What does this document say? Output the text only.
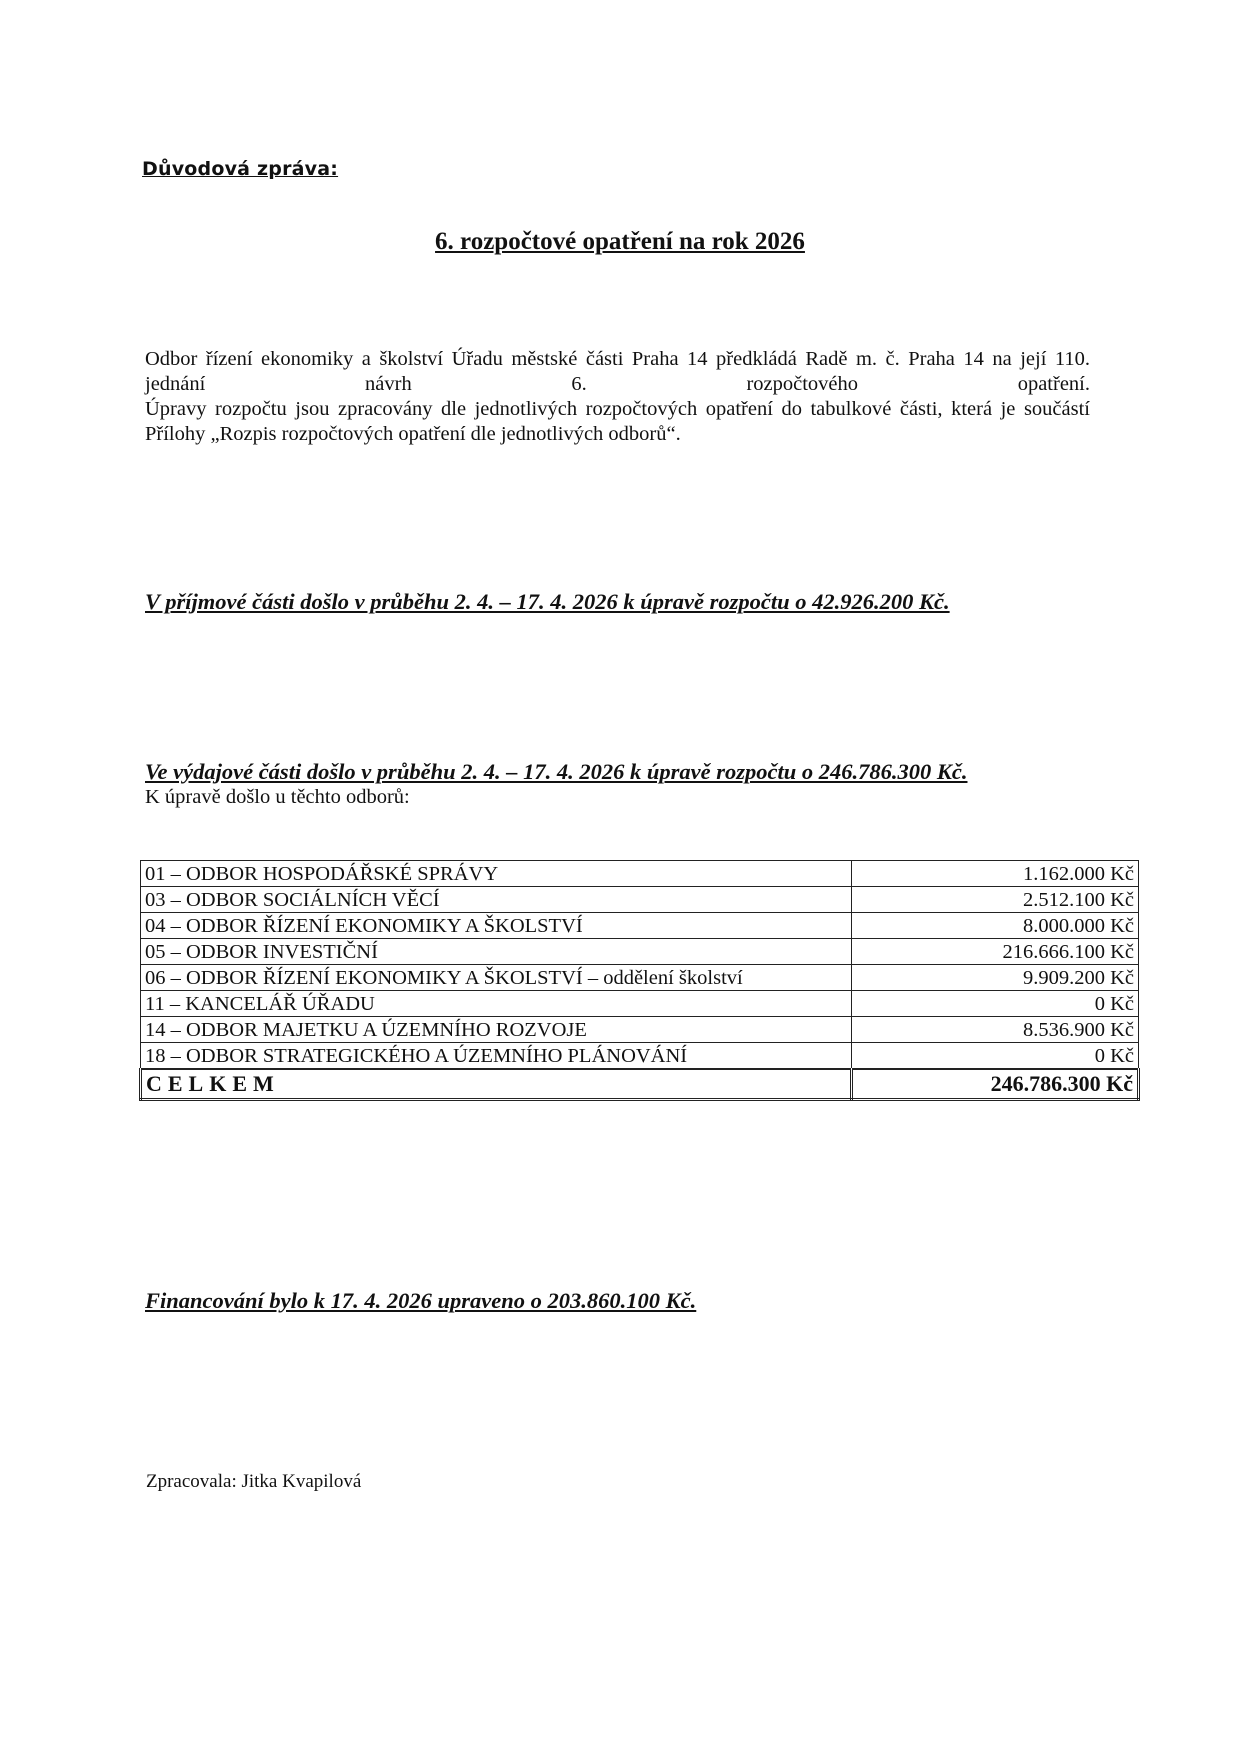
Důvodová zpráva:
6. rozpočtové opatření na rok 2026

Odbor řízení ekonomiky a školství Úřadu městské části Praha 14 předkládá Radě m. č. Praha 14 na její 110. jednání návrh 6. rozpočtového opatření.

Úpravy rozpočtu jsou zpracovány dle jednotlivých rozpočtových opatření do tabulkové části, která je součástí Přílohy „Rozpis rozpočtových opatření dle jednotlivých odborů“.

V příjmové části došlo v průběhu 2. 4. – 17. 4. 2026 k úpravě rozpočtu o 42.926.200 Kč.
Ve výdajové části došlo v průběhu 2. 4. – 17. 4. 2026 k úpravě rozpočtu o 246.786.300 Kč.
K úpravě došlo u těchto odborů:
01 – ODBOR HOSPODÁŘSKÉ SPRÁVY	1.162.000 Kč
03 – ODBOR SOCIÁLNÍCH VĚCÍ	2.512.100 Kč
04 – ODBOR ŘÍZENÍ EKONOMIKY A ŠKOLSTVÍ	8.000.000 Kč
05 – ODBOR INVESTIČNÍ	216.666.100 Kč
06 – ODBOR ŘÍZENÍ EKONOMIKY A ŠKOLSTVÍ – oddělení školství	9.909.200 Kč
11 – KANCELÁŘ ÚŘADU	0 Kč
14 – ODBOR MAJETKU A ÚZEMNÍHO ROZVOJE	8.536.900 Kč
18 – ODBOR STRATEGICKÉHO A ÚZEMNÍHO PLÁNOVÁNÍ	0 Kč
CELKEM	246.786.300 Kč
Financování bylo k 17. 4. 2026 upraveno o 203.860.100 Kč.
Zpracovala: Jitka Kvapilová
